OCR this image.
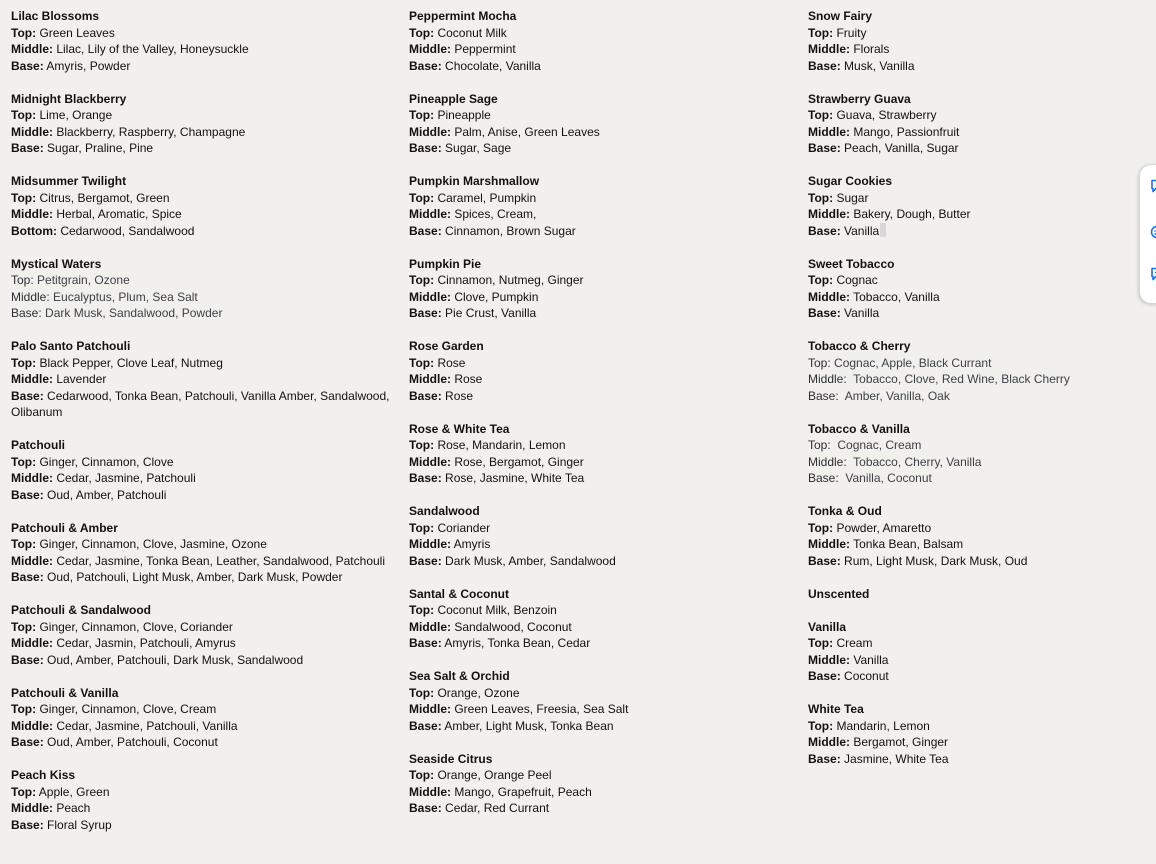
Lilac Blossoms
Top: Green Leaves
Middle: Lilac, Lily of the Valley, Honeysuckle
Base: Amyris, Powder
Midnight Blackberry
Top: Lime, Orange
Middle: Blackberry, Raspberry, Champagne
Base: Sugar, Praline, Pine
Midsummer Twilight
Top: Citrus, Bergamot, Green
Middle: Herbal, Aromatic, Spice
Bottom: Cedarwood, Sandalwood
Mystical Waters
Top: Petitgrain, Ozone
Middle: Eucalyptus, Plum, Sea Salt
Base: Dark Musk, Sandalwood, Powder
Palo Santo Patchouli
Top: Black Pepper, Clove Leaf, Nutmeg
Middle: Lavender
Base: Cedarwood, Tonka Bean, Patchouli, Vanilla Amber, Sandalwood, Olibanum
Patchouli
Top: Ginger, Cinnamon, Clove
Middle: Cedar, Jasmine, Patchouli
Base: Oud, Amber, Patchouli
Patchouli & Amber
Top: Ginger, Cinnamon, Clove, Jasmine, Ozone
Middle: Cedar, Jasmine, Tonka Bean, Leather, Sandalwood, Patchouli
Base: Oud, Patchouli, Light Musk, Amber, Dark Musk, Powder
Patchouli & Sandalwood
Top: Ginger, Cinnamon, Clove, Coriander
Middle: Cedar, Jasmin, Patchouli, Amyrus
Base: Oud, Amber, Patchouli, Dark Musk, Sandalwood
Patchouli & Vanilla
Top: Ginger, Cinnamon, Clove, Cream
Middle: Cedar, Jasmine, Patchouli, Vanilla
Base: Oud, Amber, Patchouli, Coconut
Peach Kiss
Top: Apple, Green
Middle: Peach
Base: Floral Syrup
Peppermint Mocha
Top: Coconut Milk
Middle: Peppermint
Base: Chocolate, Vanilla
Pineapple Sage
Top: Pineapple
Middle: Palm, Anise, Green Leaves
Base: Sugar, Sage
Pumpkin Marshmallow
Top: Caramel, Pumpkin
Middle: Spices, Cream,
Base: Cinnamon, Brown Sugar
Pumpkin Pie
Top: Cinnamon, Nutmeg, Ginger
Middle: Clove, Pumpkin
Base: Pie Crust, Vanilla
Rose Garden
Top: Rose
Middle: Rose
Base: Rose
Rose & White Tea
Top: Rose, Mandarin, Lemon
Middle: Rose, Bergamot, Ginger
Base: Rose, Jasmine, White Tea
Sandalwood
Top: Coriander
Middle: Amyris
Base: Dark Musk, Amber, Sandalwood
Santal & Coconut
Top: Coconut Milk, Benzoin
Middle: Sandalwood, Coconut
Base: Amyris, Tonka Bean, Cedar
Sea Salt & Orchid
Top: Orange, Ozone
Middle: Green Leaves, Freesia, Sea Salt
Base: Amber, Light Musk, Tonka Bean
Seaside Citrus
Top: Orange, Orange Peel
Middle: Mango, Grapefruit, Peach
Base: Cedar, Red Currant
Snow Fairy
Top: Fruity
Middle: Florals
Base: Musk, Vanilla
Strawberry Guava
Top: Guava, Strawberry
Middle: Mango, Passionfruit
Base: Peach, Vanilla, Sugar
Sugar Cookies
Top: Sugar
Middle: Bakery, Dough, Butter
Base: Vanilla
Sweet Tobacco
Top: Cognac
Middle: Tobacco, Vanilla
Base: Vanilla
Tobacco & Cherry
Top: Cognac, Apple, Black Currant
Middle:  Tobacco, Clove, Red Wine, Black Cherry
Base:  Amber, Vanilla, Oak
Tobacco & Vanilla
Top:  Cognac, Cream
Middle:  Tobacco, Cherry, Vanilla
Base:  Vanilla, Coconut
Tonka & Oud
Top: Powder, Amaretto
Middle: Tonka Bean, Balsam
Base: Rum, Light Musk, Dark Musk, Oud
Unscented
Vanilla
Top: Cream
Middle: Vanilla
Base: Coconut
White Tea
Top: Mandarin, Lemon
Middle: Bergamot, Ginger
Base: Jasmine, White Tea
